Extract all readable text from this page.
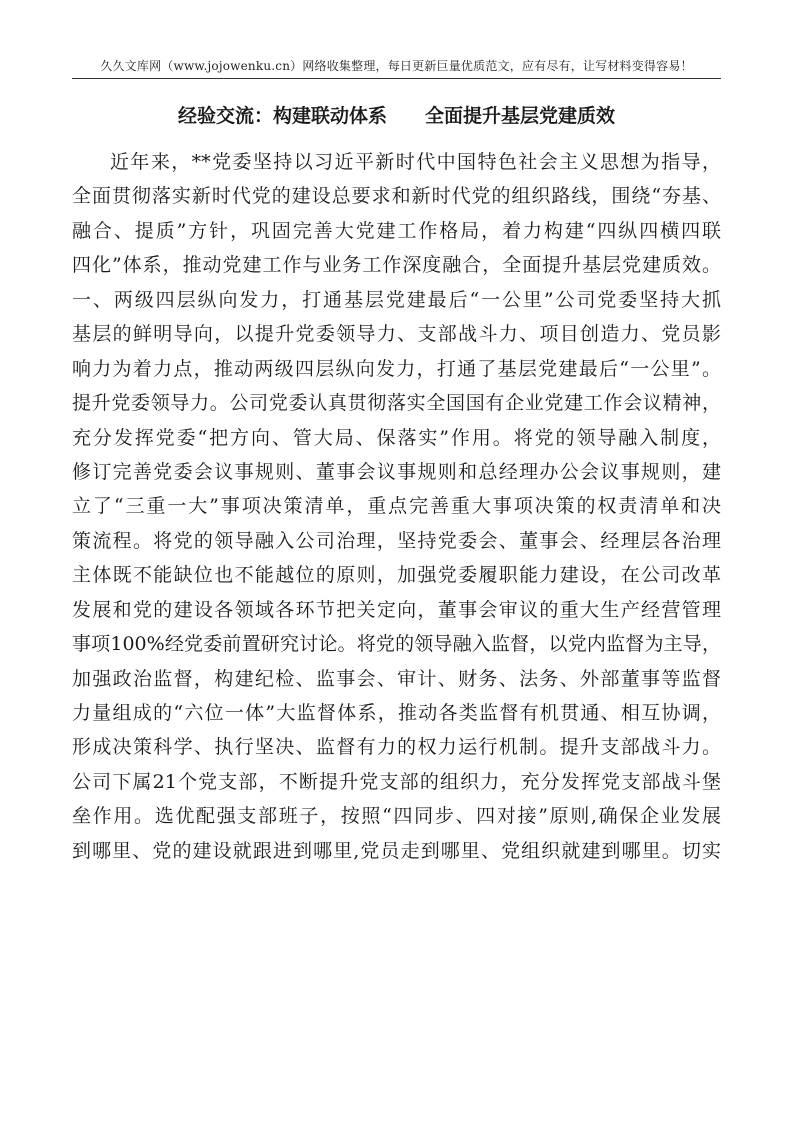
久久文库网（www.jojowenku.cn）网络收集整理，每日更新巨量优质范文，应有尽有，让写材料变得容易！
经验交流：构建联动体系　　全面提升基层党建质效
近年来，**党委坚持以习近平新时代中国特色社会主义思想为指导，
全面贯彻落实新时代党的建设总要求和新时代党的组织路线，围绕“夯基、
融合、提质”方针，巩固完善大党建工作格局，着力构建“四纵四横四联
四化”体系，推动党建工作与业务工作深度融合，全面提升基层党建质效。
一、两级四层纵向发力，打通基层党建最后“一公里”公司党委坚持大抓
基层的鲜明导向，以提升党委领导力、支部战斗力、项目创造力、党员影
响力为着力点，推动两级四层纵向发力，打通了基层党建最后“一公里”。
提升党委领导力。公司党委认真贯彻落实全国国有企业党建工作会议精神，
充分发挥党委“把方向、管大局、保落实”作用。将党的领导融入制度，
修订完善党委会议事规则、董事会议事规则和总经理办公会议事规则，建
立了“三重一大”事项决策清单，重点完善重大事项决策的权责清单和决
策流程。将党的领导融入公司治理，坚持党委会、董事会、经理层各治理
主体既不能缺位也不能越位的原则，加强党委履职能力建设，在公司改革
发展和党的建设各领域各环节把关定向，董事会审议的重大生产经营管理
事项100%经党委前置研究讨论。将党的领导融入监督，以党内监督为主导，
加强政治监督，构建纪检、监事会、审计、财务、法务、外部董事等监督
力量组成的“六位一体”大监督体系，推动各类监督有机贯通、相互协调，
形成决策科学、执行坚决、监督有力的权力运行机制。提升支部战斗力。
公司下属21个党支部，不断提升党支部的组织力，充分发挥党支部战斗堡
垒作用。选优配强支部班子，按照“四同步、四对接”原则,确保企业发展
到哪里、党的建设就跟进到哪里,党员走到哪里、党组织就建到哪里。切实
